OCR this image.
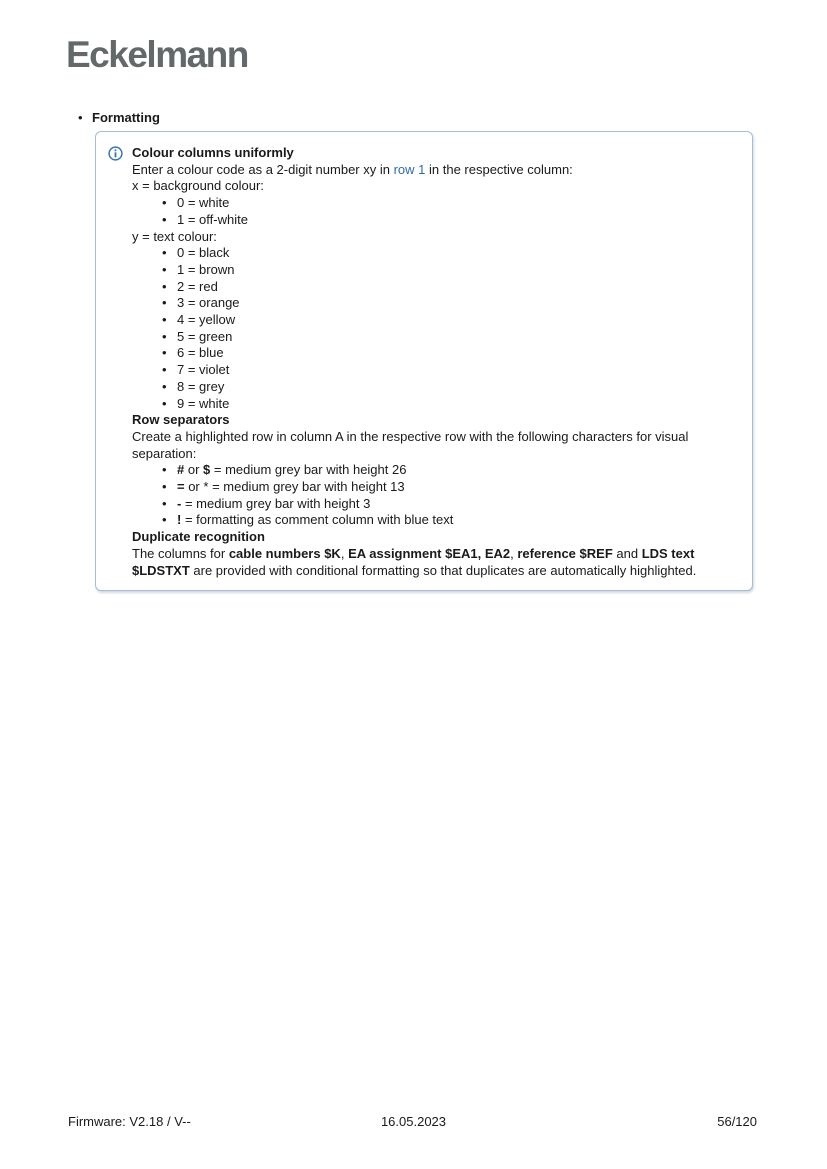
Eckelmann
• Formatting

Colour columns uniformly

Enter a colour code as a 2-digit number xy in row 1 in the respective column:

x = background colour:

• 0 = white
• 1 = off-white

y = text colour:

• 0 = black
• 1 = brown
• 2 = red
• 3 = orange
• 4 = yellow
• 5 = green
• 6 = blue
• 7 = violet
• 8 = grey
• 9 = white

Row separators

Create a highlighted row in column A in the respective row with the following characters for visual separation:

• # or $ = medium grey bar with height 26
• = or * = medium grey bar with height 13
• - = medium grey bar with height 3
• ! = formatting as comment column with blue text

Duplicate recognition

The columns for cable numbers $K, EA assignment $EA1, EA2, reference $REF and LDS text $LDSTXT are provided with conditional formatting so that duplicates are automatically highlighted.

Firmware: V2.18 / V--	16.05.2023	56/120
